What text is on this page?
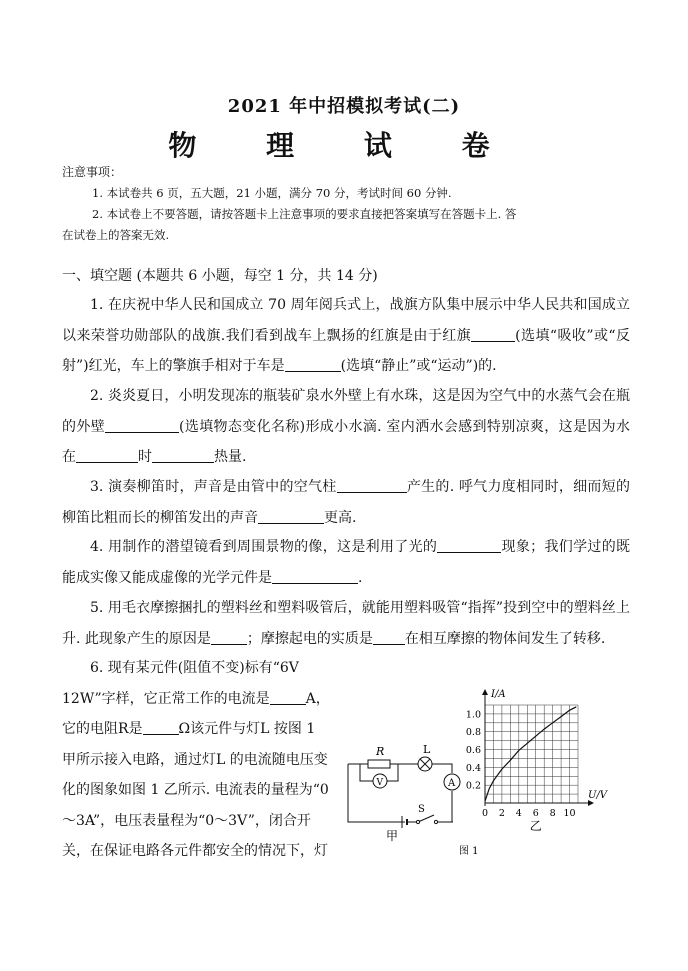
2021 年中招模拟考试(二)
物 理 试 卷
注意事项：
1. 本试卷共 6 页，五大题，21 小题，满分 70 分，考试时间 60 分钟.
2. 本试卷上不要答题，请按答题卡上注意事项的要求直接把答案填写在答题卡上. 答
在试卷上的答案无效.
一、填空题 (本题共 6 小题，每空 1 分，共 14 分)
1. 在庆祝中华人民和国成立 70 周年阅兵式上，战旗方队集中展示中华人民共和国成立以来荣誉功勋部队的战旗.我们看到战车上飘扬的红旗是由于红旗	(选填“吸收”或“反射”)红光，车上的擎旗手相对于车是	(选填“静止”或“运动”)的.
2. 炎炎夏日，小明发现冻的瓶装矿泉水外壁上有水珠，这是因为空气中的水蒸气会在瓶的外壁	(选填物态变化名称)形成小水滴. 室内洒水会感到特别凉爽，这是因为水在	时	热量.
3. 演奏柳笛时，声音是由管中的空气柱	产生的. 呼气力度相同时，细而短的柳笛比粗而长的柳笛发出的声音	更高.
4. 用制作的潜望镜看到周围景物的像，这是利用了光的	现象；我们学过的既能成实像又能成虚像的光学元件是	.
5. 用毛衣摩擦捆扎的塑料丝和塑料吸管后，就能用塑料吸管“指挥”投到空中的塑料丝上升. 此现象产生的原因是	；摩擦起电的实质是 在相互摩擦的物体间发生了转移.
6. 现有某元件(阻值不变)标有“6V 12W”字样，它正常工作的电流是	A，它的电阻R是	Ω该元件与灯L 按图 1 甲所示接入电路，通过灯L 的电流随电压变化的图象如图 1 乙所示. 电流表的量程为“0～3A”，电压表量程为“0～3V”，闭合开关，在保证电路各元件都安全的情况下，灯
R	L
V	A
S
甲
I/A
U/V
0.2
0.4
0.6
0.8
1.0
0 2 4 6 8 10
乙
图 1
